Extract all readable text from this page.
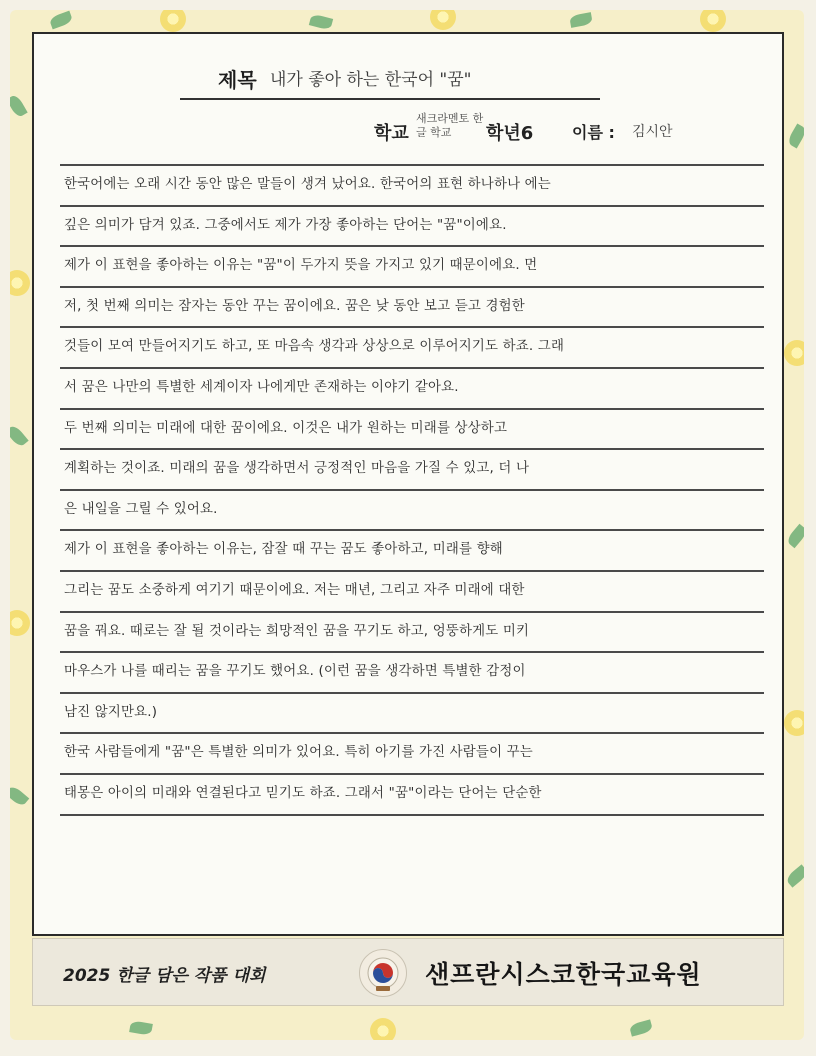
제목 내가 좋아 하는 한국어 "꿈"
학교
새크라멘토 한글 학교	학년6 이름 : 김시안
한국어에는 오래 시간 동안 많은 말들이 생겨 났어요. 한국어의 표현 하나하나 에는
깊은 의미가 담겨 있죠. 그중에서도 제가 가장 좋아하는 단어는 "꿈"이에요.
제가 이 표현을 좋아하는 이유는 "꿈"이 두가지 뜻을 가지고 있기 때문이에요. 먼
저, 첫 번째 의미는 잠자는 동안 꾸는 꿈이에요. 꿈은 낮 동안 보고 듣고 경험한
것들이 모여 만들어지기도 하고, 또 마음속 생각과 상상으로 이루어지기도 하죠. 그래
서 꿈은 나만의 특별한 세계이자 나에게만 존재하는 이야기 같아요.
두 번째 의미는 미래에 대한 꿈이에요. 이것은 내가 원하는 미래를 상상하고
계획하는 것이죠. 미래의 꿈을 생각하면서 긍정적인 마음을 가질 수 있고, 더 나
은 내일을 그릴 수 있어요.
제가 이 표현을 좋아하는 이유는, 잠잘 때 꾸는 꿈도 좋아하고, 미래를 향해
그리는 꿈도 소중하게 여기기 때문이에요. 저는 매년, 그리고 자주 미래에 대한
꿈을 꿔요. 때로는 잘 될 것이라는 희망적인 꿈을 꾸기도 하고, 엉뚱하게도 미키
마우스가 나를 때리는 꿈을 꾸기도 했어요. (이런 꿈을 생각하면 특별한 감정이
남진 않지만요.)
한국 사람들에게 "꿈"은 특별한 의미가 있어요. 특히 아기를 가진 사람들이 꾸는
태몽은 아이의 미래와 연결된다고 믿기도 하죠. 그래서 "꿈"이라는 단어는 단순한
2025 한글 담은 작품 대회	샌프란시스코한국교육원
